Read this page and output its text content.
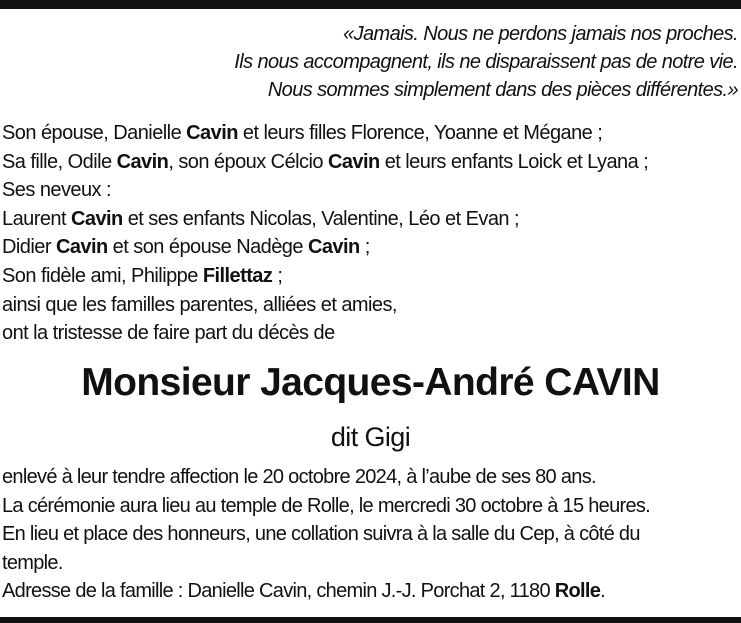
«Jamais. Nous ne perdons jamais nos proches.
Ils nous accompagnent, ils ne disparaissent pas de notre vie.
Nous sommes simplement dans des pièces différentes.»
Son épouse, Danielle Cavin et leurs filles Florence, Yoanne et Mégane ;
Sa fille, Odile Cavin, son époux Célcio Cavin et leurs enfants Loick et Lyana ;
Ses neveux :
Laurent Cavin et ses enfants Nicolas, Valentine, Léo et Evan ;
Didier Cavin et son épouse Nadège Cavin ;
Son fidèle ami, Philippe Fillettaz ;
ainsi que les familles parentes, alliées et amies,
ont la tristesse de faire part du décès de
Monsieur Jacques-André CAVIN
dit Gigi
enlevé à leur tendre affection le 20 octobre 2024, à l’aube de ses 80 ans.
La cérémonie aura lieu au temple de Rolle, le mercredi 30 octobre à 15 heures.
En lieu et place des honneurs, une collation suivra à la salle du Cep, à côté du
temple.
Adresse de la famille : Danielle Cavin, chemin J.-J. Porchat 2, 1180 Rolle.
